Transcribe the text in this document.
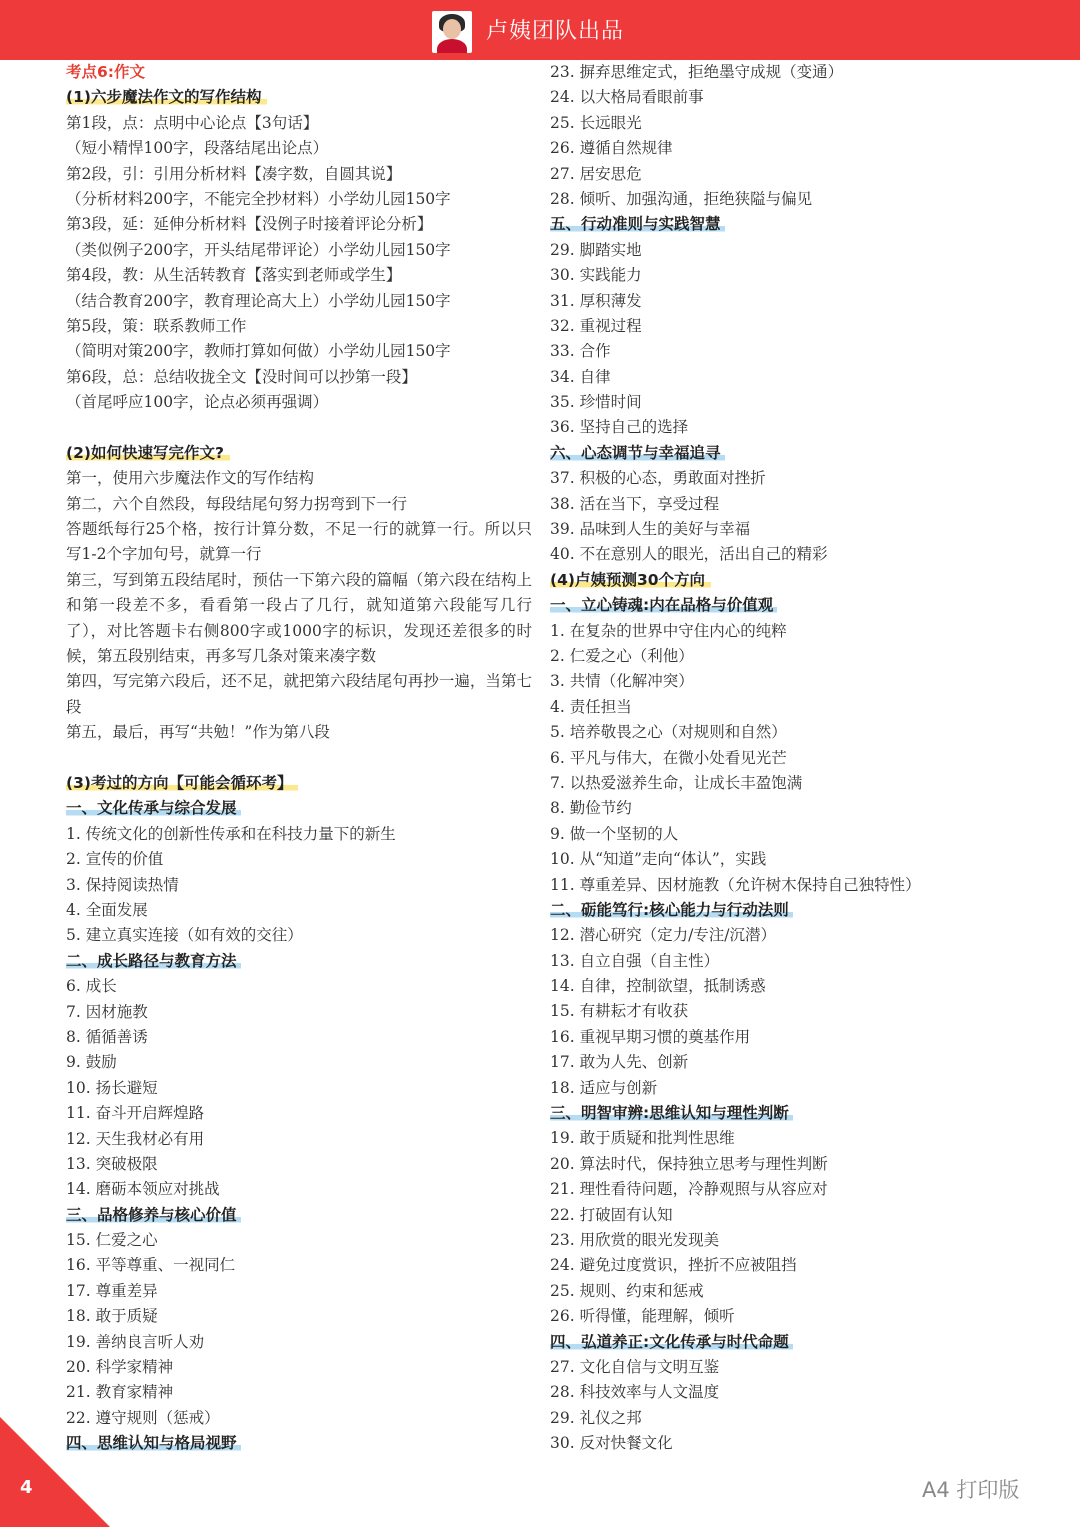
卢姨团队出品
考点6:作文
(1)六步魔法作文的写作结构
第1段，点：点明中心论点【3句话】
（短小精悍100字，段落结尾出论点）
第2段，引：引用分析材料【凑字数，自圆其说】
（分析材料200字，不能完全抄材料）小学幼儿园150字
第3段，延：延伸分析材料【没例子时接着评论分析】
（类似例子200字，开头结尾带评论）小学幼儿园150字
第4段，教：从生活转教育【落实到老师或学生】
（结合教育200字，教育理论高大上）小学幼儿园150字
第5段，策：联系教师工作
（简明对策200字，教师打算如何做）小学幼儿园150字
第6段，总：总结收拢全文【没时间可以抄第一段】
（首尾呼应100字，论点必须再强调）
(2)如何快速写完作文?
第一，使用六步魔法作文的写作结构
第二，六个自然段，每段结尾句努力拐弯到下一行
答题纸每行25个格，按行计算分数，不足一行的就算一行。所以只写1-2个字加句号，就算一行
第三，写到第五段结尾时，预估一下第六段的篇幅（第六段在结构上和第一段差不多，看看第一段占了几行，就知道第六段能写几行了），对比答题卡右侧800字或1000字的标识，发现还差很多的时候，第五段别结束，再多写几条对策来凑字数
第四，写完第六段后，还不足，就把第六段结尾句再抄一遍，当第七段
第五，最后，再写“共勉！”作为第八段
(3)考过的方向【可能会循环考】
一、文化传承与综合发展
1. 传统文化的创新性传承和在科技力量下的新生
2. 宣传的价值
3. 保持阅读热情
4. 全面发展
5. 建立真实连接（如有效的交往）
二、成长路径与教育方法
6. 成长
7. 因材施教
8. 循循善诱
9. 鼓励
10. 扬长避短
11. 奋斗开启辉煌路
12. 天生我材必有用
13. 突破极限
14. 磨砺本领应对挑战
三、品格修养与核心价值
15. 仁爱之心
16. 平等尊重、一视同仁
17. 尊重差异
18. 敢于质疑
19. 善纳良言听人劝
20. 科学家精神
21. 教育家精神
22. 遵守规则（惩戒）
四、思维认知与格局视野
23. 摒弃思维定式，拒绝墨守成规（变通）
24. 以大格局看眼前事
25. 长远眼光
26. 遵循自然规律
27. 居安思危
28. 倾听、加强沟通，拒绝狭隘与偏见
五、行动准则与实践智慧
29. 脚踏实地
30. 实践能力
31. 厚积薄发
32. 重视过程
33. 合作
34. 自律
35. 珍惜时间
36. 坚持自己的选择
六、心态调节与幸福追寻
37. 积极的心态，勇敢面对挫折
38. 活在当下，享受过程
39. 品味到人生的美好与幸福
40. 不在意别人的眼光，活出自己的精彩
(4)卢姨预测30个方向
一、立心铸魂:内在品格与价值观
1. 在复杂的世界中守住内心的纯粹
2. 仁爱之心（利他）
3. 共情（化解冲突）
4. 责任担当
5. 培养敬畏之心（对规则和自然）
6. 平凡与伟大，在微小处看见光芒
7. 以热爱滋养生命，让成长丰盈饱满
8. 勤俭节约
9. 做一个坚韧的人
10. 从“知道”走向“体认”，实践
11. 尊重差异、因材施教（允许树木保持自己独特性）
二、砺能笃行:核心能力与行动法则
12. 潜心研究（定力/专注/沉潜）
13. 自立自强（自主性）
14. 自律，控制欲望，抵制诱惑
15. 有耕耘才有收获
16. 重视早期习惯的奠基作用
17. 敢为人先、创新
18. 适应与创新
三、明智审辨:思维认知与理性判断
19. 敢于质疑和批判性思维
20. 算法时代，保持独立思考与理性判断
21. 理性看待问题，冷静观照与从容应对
22. 打破固有认知
23. 用欣赏的眼光发现美
24. 避免过度赏识，挫折不应被阻挡
25. 规则、约束和惩戒
26. 听得懂，能理解，倾听
四、弘道养正:文化传承与时代命题
27. 文化自信与文明互鉴
28. 科技效率与人文温度
29. 礼仪之邦
30. 反对快餐文化
4	A4 打印版
